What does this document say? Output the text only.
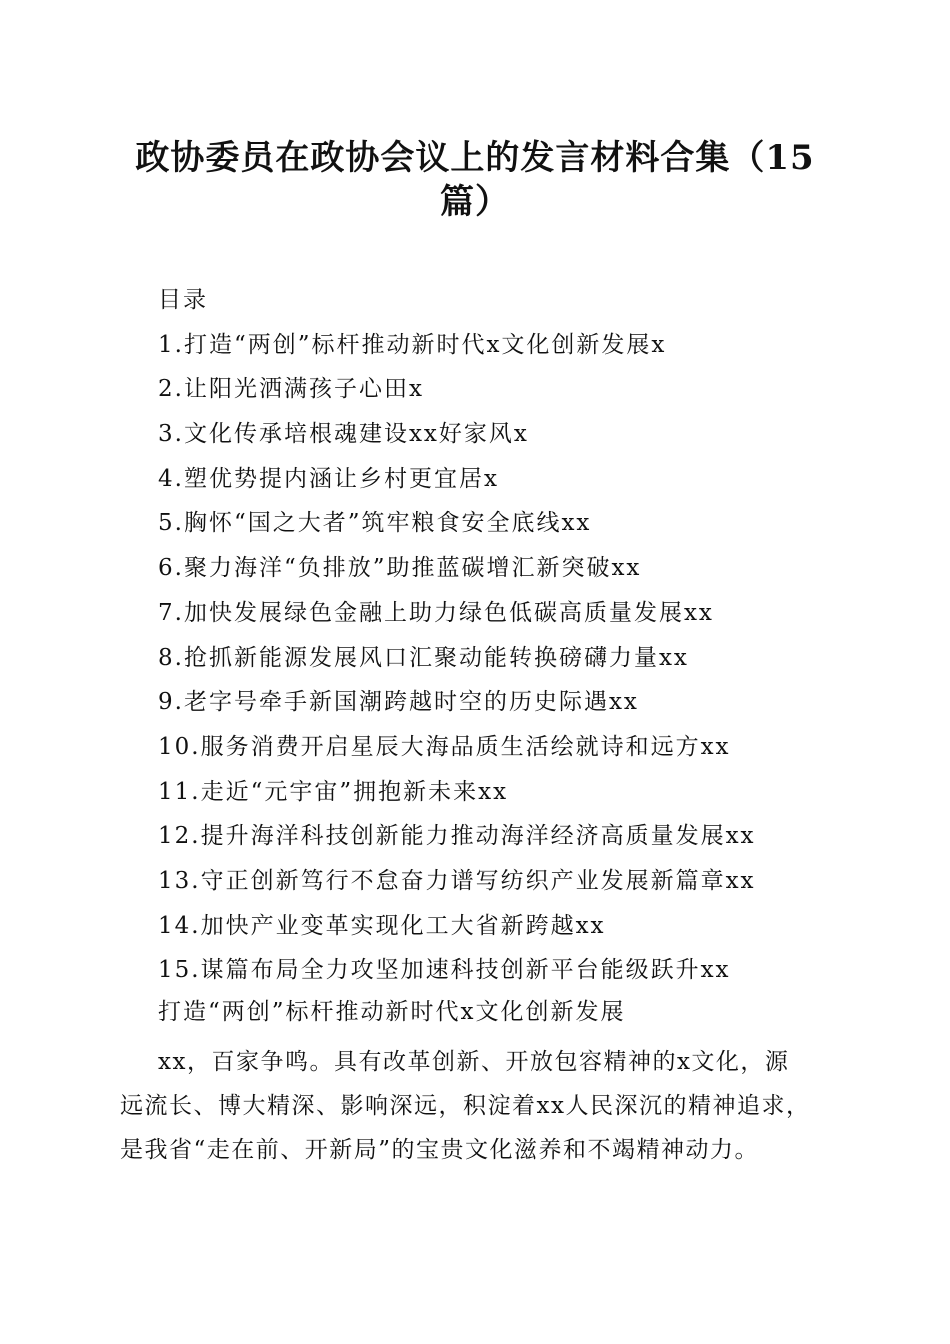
政协委员在政协会议上的发言材料合集（15
篇）
目录
1.打造“两创”标杆推动新时代x文化创新发展x
2.让阳光洒满孩子心田x
3.文化传承培根魂建设xx好家风x
4.塑优势提内涵让乡村更宜居x
5.胸怀“国之大者”筑牢粮食安全底线xx
6.聚力海洋“负排放”助推蓝碳增汇新突破xx
7.加快发展绿色金融上助力绿色低碳高质量发展xx
8.抢抓新能源发展风口汇聚动能转换磅礴力量xx
9.老字号牵手新国潮跨越时空的历史际遇xx
10.服务消费开启星辰大海品质生活绘就诗和远方xx
11.走近“元宇宙”拥抱新未来xx
12.提升海洋科技创新能力推动海洋经济高质量发展xx
13.守正创新笃行不怠奋力谱写纺织产业发展新篇章xx
14.加快产业变革实现化工大省新跨越xx
15.谋篇布局全力攻坚加速科技创新平台能级跃升xx
打造“两创”标杆推动新时代x文化创新发展

xx，百家争鸣。具有改革创新、开放包容精神的x文化，源

远流长、博大精深、影响深远，积淀着xx人民深沉的精神追求，

是我省“走在前、开新局”的宝贵文化滋养和不竭精神动力。
